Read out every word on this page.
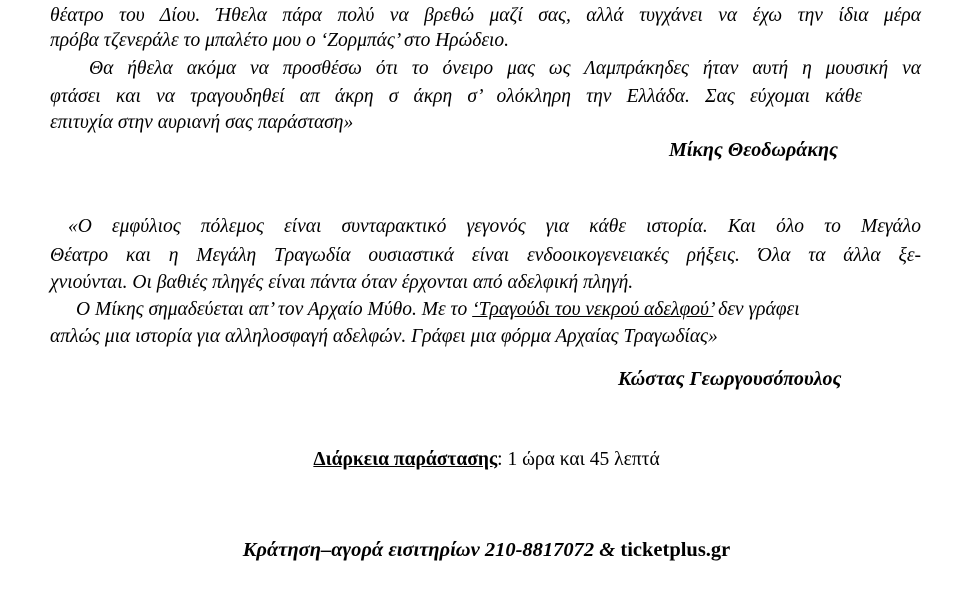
θέατρο του Δίου. Ήθελα πάρα πολύ να βρεθώ μαζί σας, αλλά τυγχάνει να έχω την ίδια μέρα
πρόβα τζενεράλε το μπαλέτο μου ο ‘Ζορμπάς’ στο Ηρώδειο.
Θα ήθελα ακόμα να προσθέσω ότι το όνειρο μας ως Λαμπράκηδες ήταν αυτή η μουσική να
φτάσει και να τραγουδηθεί απ άκρη σ άκρη σ’ ολόκληρη την Ελλάδα. Σας εύχομαι κάθε
επιτυχία στην αυριανή σας παράσταση»
Μίκης Θεοδωράκης
«Ο εμφύλιος πόλεμος είναι συνταρακτικό γεγονός για κάθε ιστορία. Και όλο το Μεγάλο
Θέατρο και η Μεγάλη Τραγωδία ουσιαστικά είναι ενδοοικογενειακές ρήξεις. Όλα τα άλλα ξε-
χνιούνται. Οι βαθιές πληγές είναι πάντα όταν έρχονται από αδελφική πληγή.
Ο Μίκης σημαδεύεται απ’ τον Αρχαίο Μύθο. Με το ‘Τραγούδι του νεκρού αδελφού’ δεν γράφει
απλώς μια ιστορία για αλληλοσφαγή αδελφών. Γράφει μια φόρμα Αρχαίας Τραγωδίας»
Κώστας Γεωργουσόπουλος
Διάρκεια παράστασης: 1 ώρα και 45 λεπτά
Κράτηση–αγορά εισιτηρίων 210-8817072 & ticketplus.gr
